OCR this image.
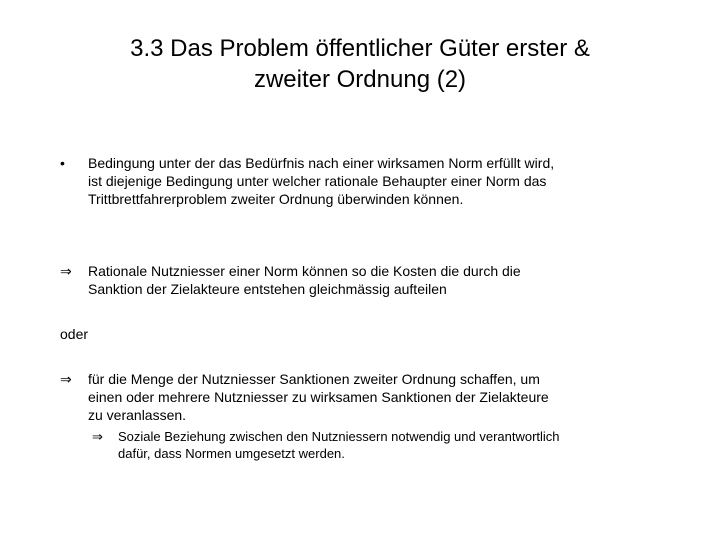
3.3 Das Problem öffentlicher Güter erster &
zweiter Ordnung (2)
• Bedingung unter der das Bedürfnis nach einer wirksamen Norm erfüllt wird,
ist diejenige Bedingung unter welcher rationale Behaupter einer Norm das
Trittbrettfahrerproblem zweiter Ordnung überwinden können.
⇒ Rationale Nutzniesser einer Norm können so die Kosten die durch die
Sanktion der Zielakteure entstehen gleichmässig aufteilen
oder
⇒ für die Menge der Nutzniesser Sanktionen zweiter Ordnung schaffen, um
einen oder mehrere Nutzniesser zu wirksamen Sanktionen der Zielakteure
zu veranlassen.
⇒ Soziale Beziehung zwischen den Nutzniessern notwendig und verantwortlich
dafür, dass Normen umgesetzt werden.
